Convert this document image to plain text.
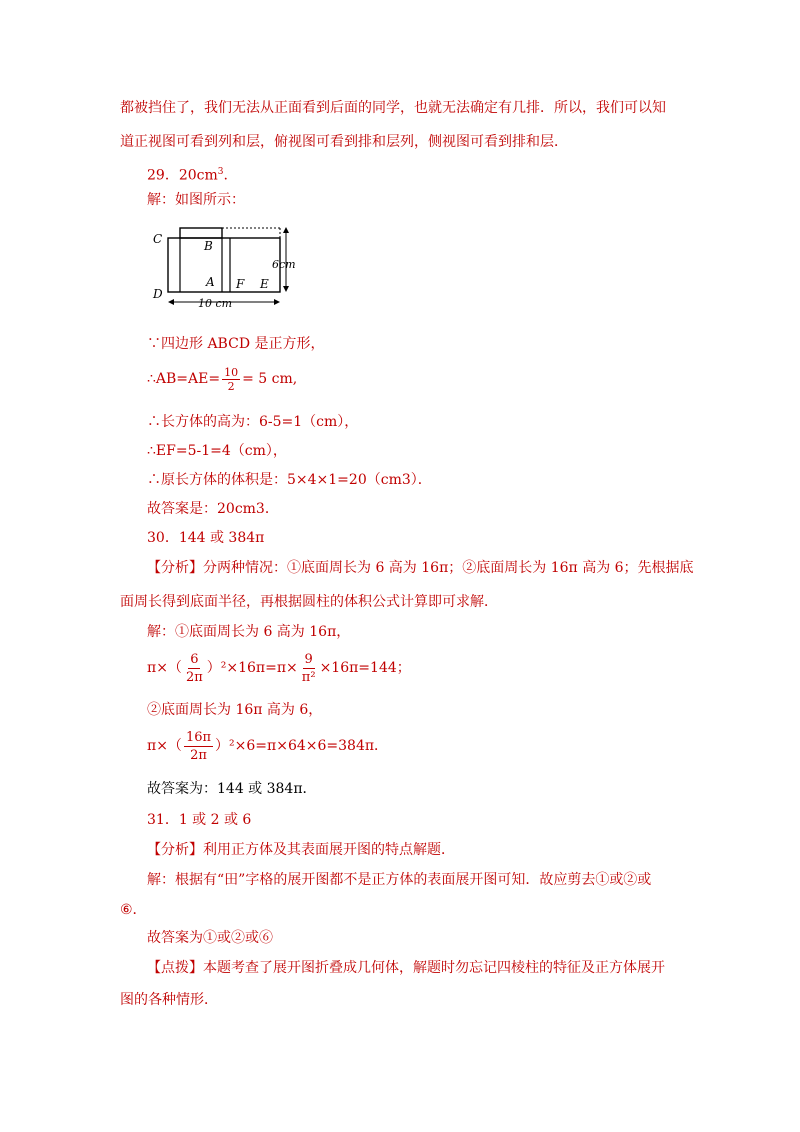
都被挡住了，我们无法从正面看到后面的同学，也就无法确定有几排．所以，我们可以知
道正视图可看到列和层，俯视图可看到排和层列，侧视图可看到排和层．
29．$20cm^3$.
解：如图所示：
C
D
B
A F E
6cm
10 cm
∵四边形 ABCD 是正方形，
∴AB=AE= $\frac{10}{2} = 5$ cm,
∴长方体的高为：6-5=1（cm），
∴EF=5-1=4（cm），
∴原长方体的体积是：5×4×1=20（cm3）．
故答案是：20cm3．
30．144 或 384π
【分析】分两种情况：①底面周长为 6 高为 16π；②底面周长为 16π 高为 6；先根据底
面周长得到底面半径，再根据圆柱的体积公式计算即可求解．
解：①底面周长为 6 高为 16π，
$\pi\times( \frac{6}{2\pi} )^2\times 16\pi=\pi\times \frac{9}{\text{π²}} \times 16\pi=144$；
②底面周长为 16π 高为 6，
$\pi\times( \frac{16\pi}{2\pi} )^2\times 6=\pi\times 64\times 6=384\pi$．
故答案为：144 或 384π．
31．1 或 2 或 6
【分析】利用正方体及其表面展开图的特点解题．
解：根据有“田”字格的展开图都不是正方体的表面展开图可知．故应剪去①或②或
⑥．
故答案为①或②或⑥
【点拨】本题考查了展开图折叠成几何体，解题时勿忘记四棱柱的特征及正方体展开
图的各种情形．
